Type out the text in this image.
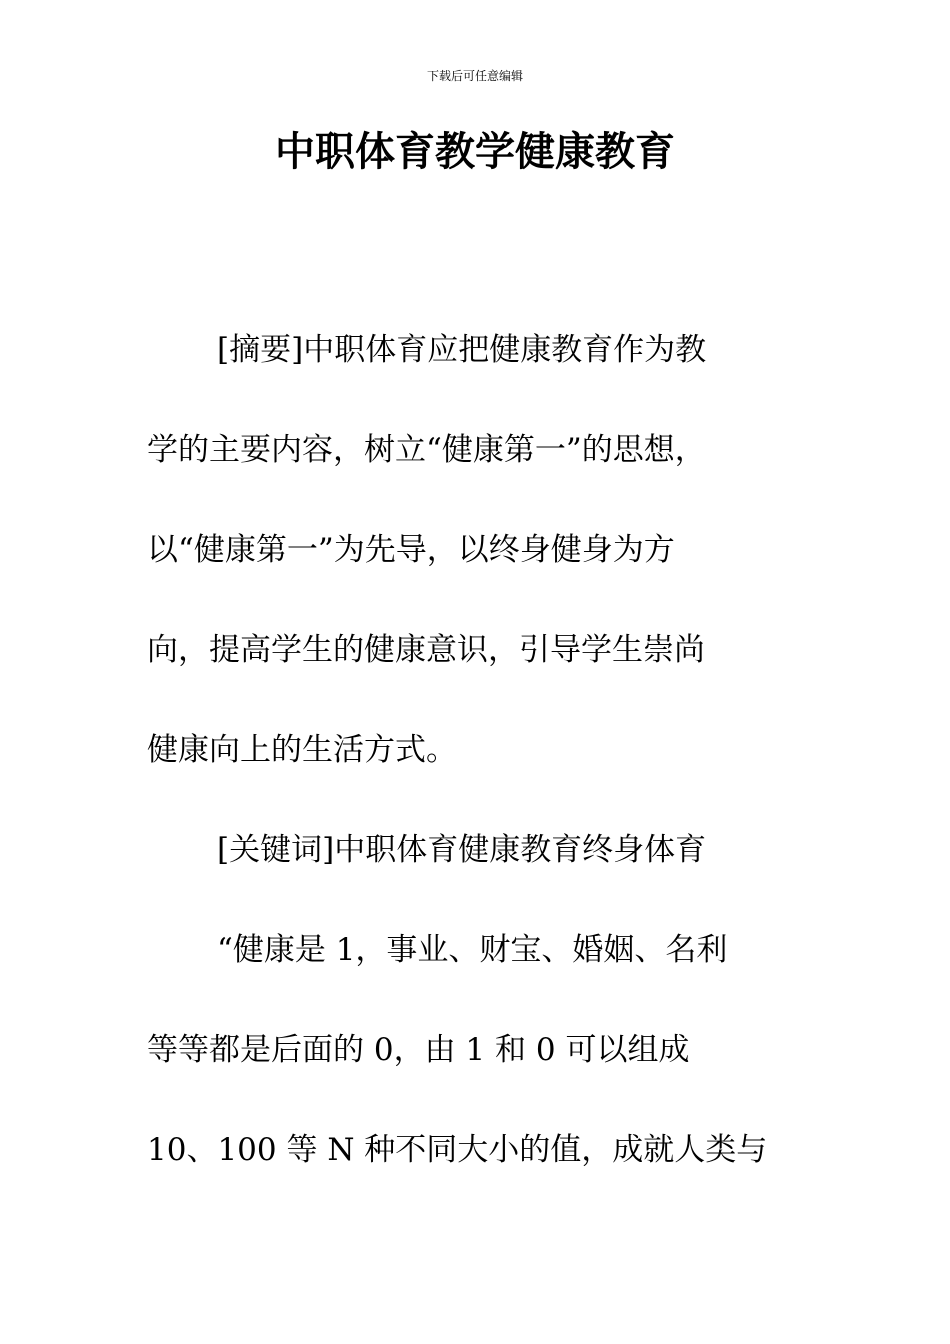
下载后可任意编辑
中职体育教学健康教育
[摘要]中职体育应把健康教育作为教
学的主要内容，树立“健康第一”的思想，
以“健康第一”为先导，以终身健身为方
向，提高学生的健康意识，引导学生崇尚
健康向上的生活方式。
[关键词]中职体育健康教育终身体育
“健康是 1，事业、财宝、婚姻、名利
等等都是后面的 0，由 1 和 0 可以组成
10、100 等 N 种不同大小的值，成就人类与
